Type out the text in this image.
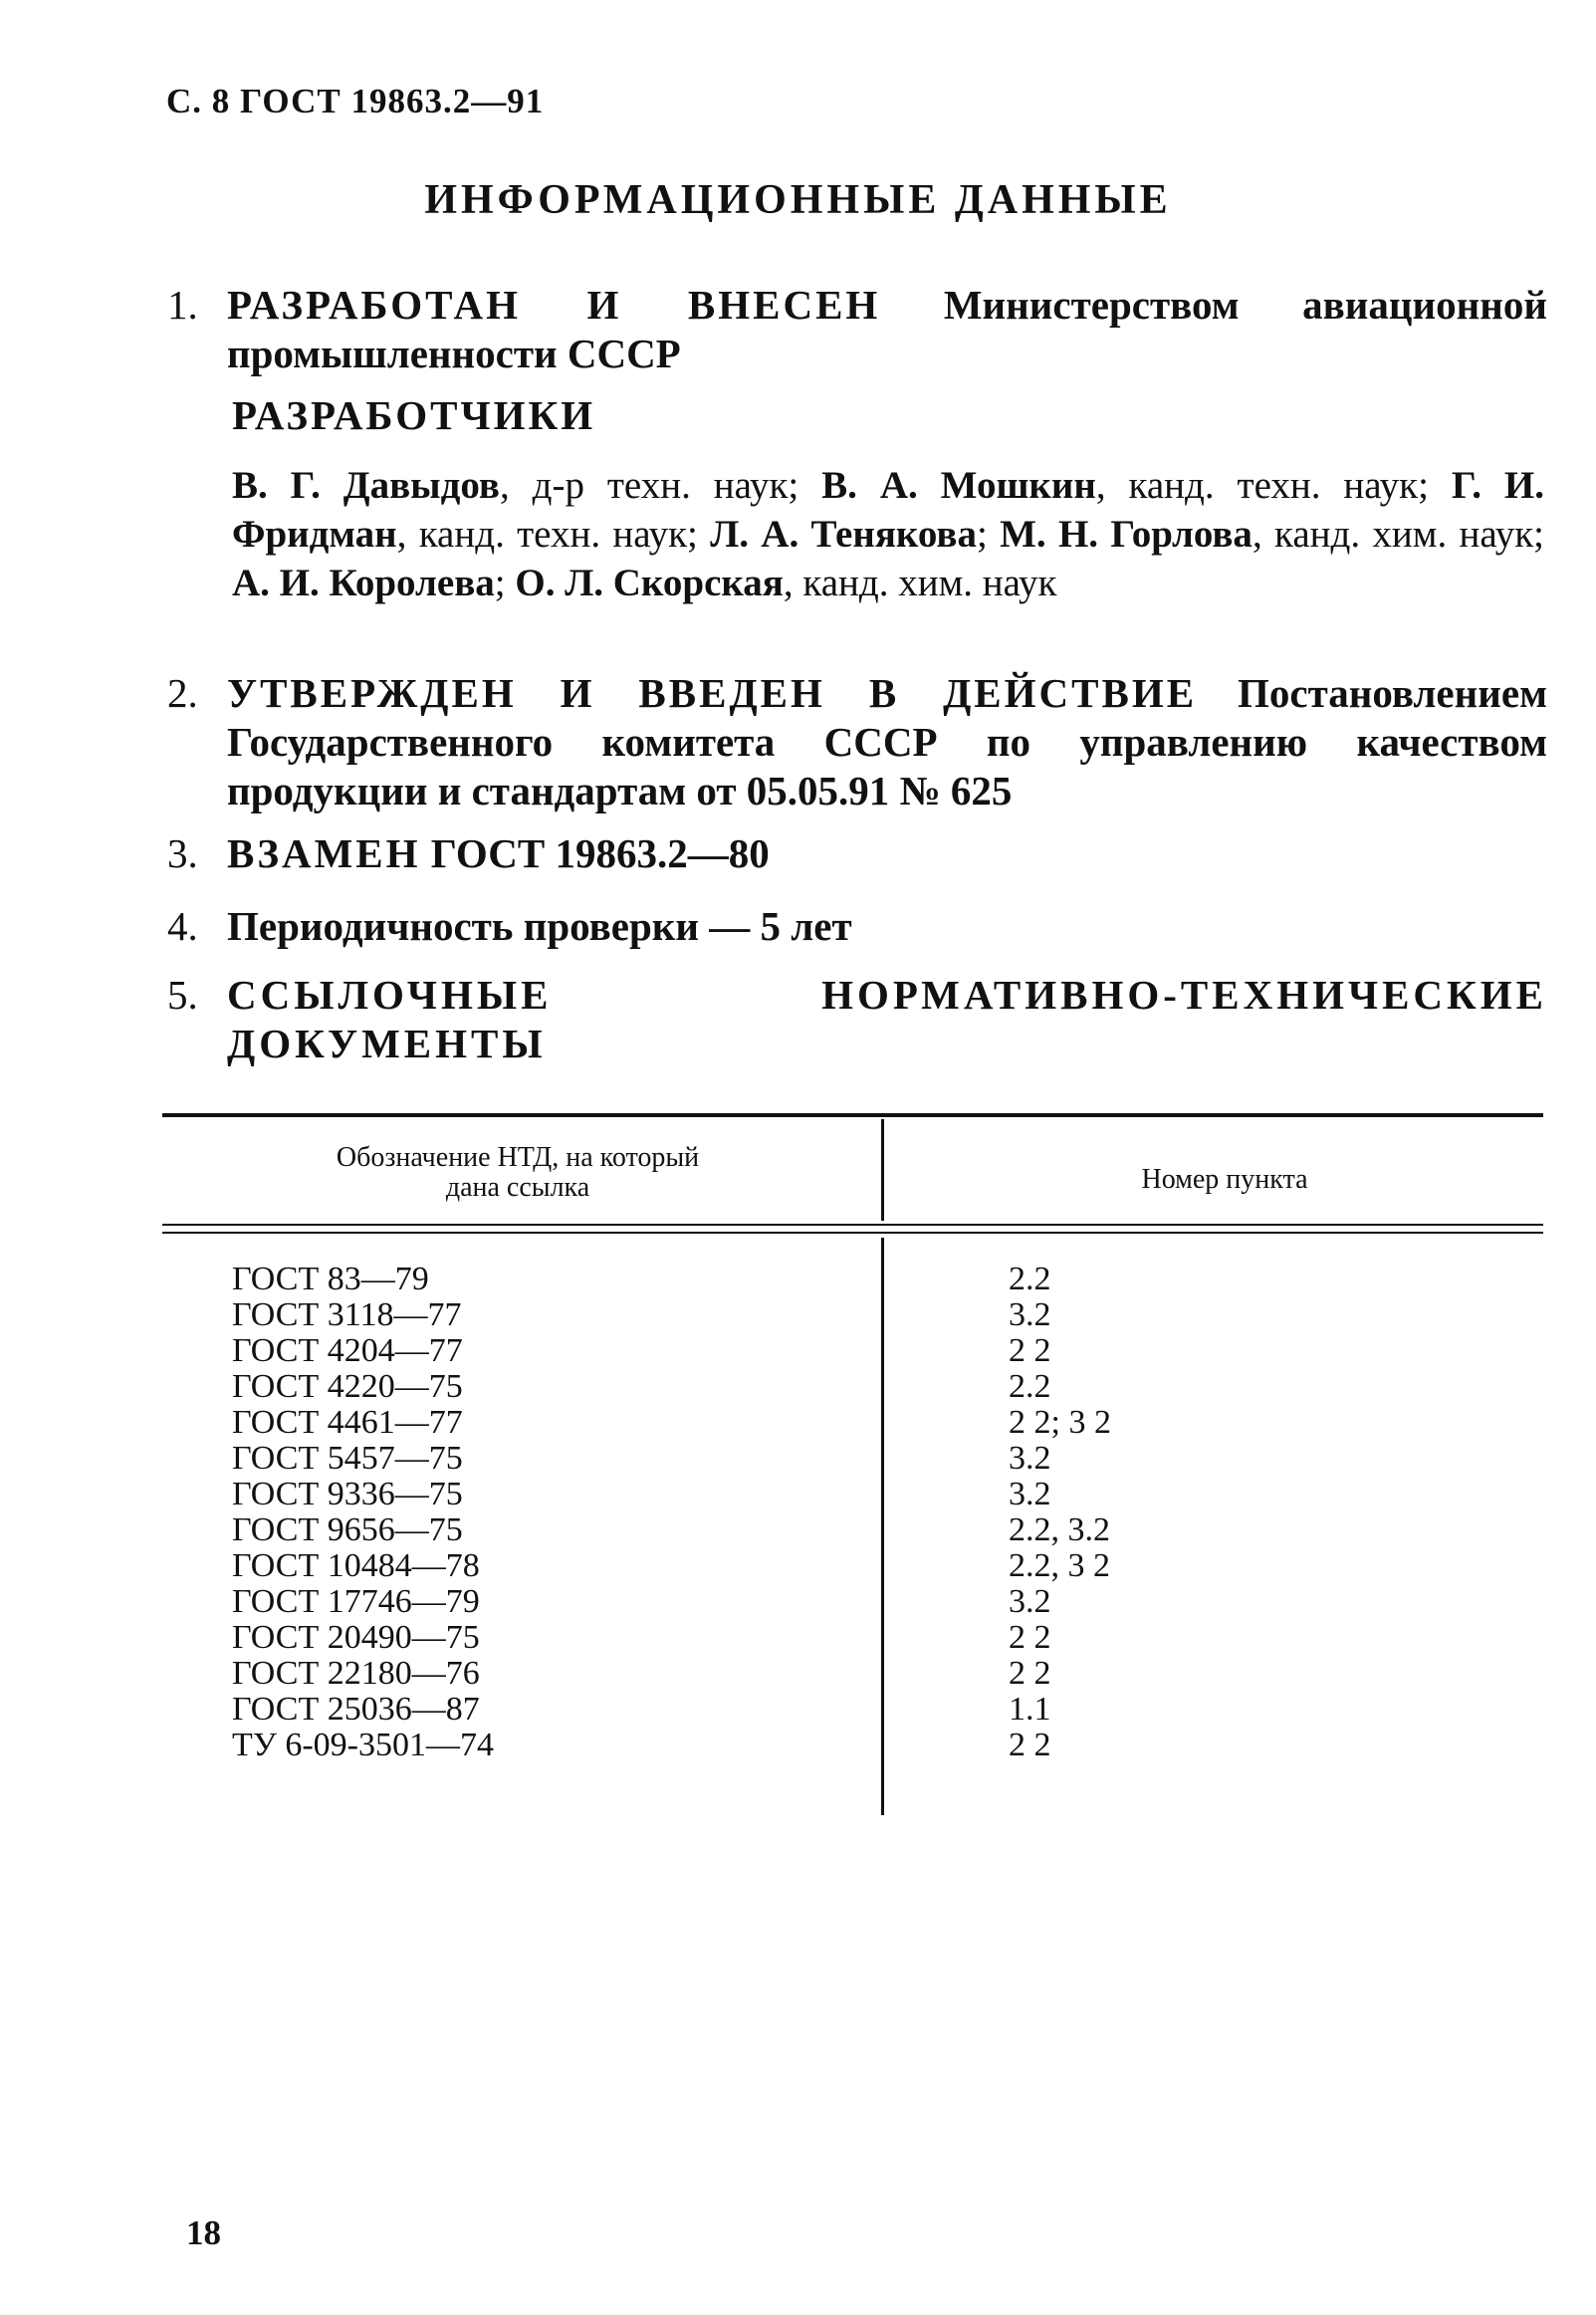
С. 8 ГОСТ 19863.2—91
ИНФОРМАЦИОННЫЕ ДАННЫЕ
1. РАЗРАБОТАН И ВНЕСЕН Министерством авиационной промышленности СССР
РАЗРАБОТЧИКИ
В. Г. Давыдов, д-р техн. наук; В. А. Мошкин, канд. техн. наук; Г. И. Фридман, канд. техн. наук; Л. А. Тенякова; М. Н. Горлова, канд. хим. наук; А. И. Королева; О. Л. Скорская, канд. хим. наук
2. УТВЕРЖДЕН И ВВЕДЕН В ДЕЙСТВИЕ Постановлением Государственного комитета СССР по управлению качеством продукции и стандартам от 05.05.91 № 625
3. ВЗАМЕН ГОСТ 19863.2—80
4. Периодичность проверки — 5 лет
5. ССЫЛОЧНЫЕ НОРМАТИВНО-ТЕХНИЧЕСКИЕ ДОКУМЕНТЫ
Обозначение НТД, на который дана ссылка	Номер пункта
ГОСТ 83—79
ГОСТ 3118—77
ГОСТ 4204—77
ГОСТ 4220—75
ГОСТ 4461—77
ГОСТ 5457—75
ГОСТ 9336—75
ГОСТ 9656—75
ГОСТ 10484—78
ГОСТ 17746—79
ГОСТ 20490—75
ГОСТ 22180—76
ГОСТ 25036—87
ТУ 6-09-3501—74
2.2
3.2
2 2
2.2
2 2; 3 2
3.2
3.2
2.2, 3.2
2.2, 3 2
3.2
2 2
2 2
1.1
2 2
18
